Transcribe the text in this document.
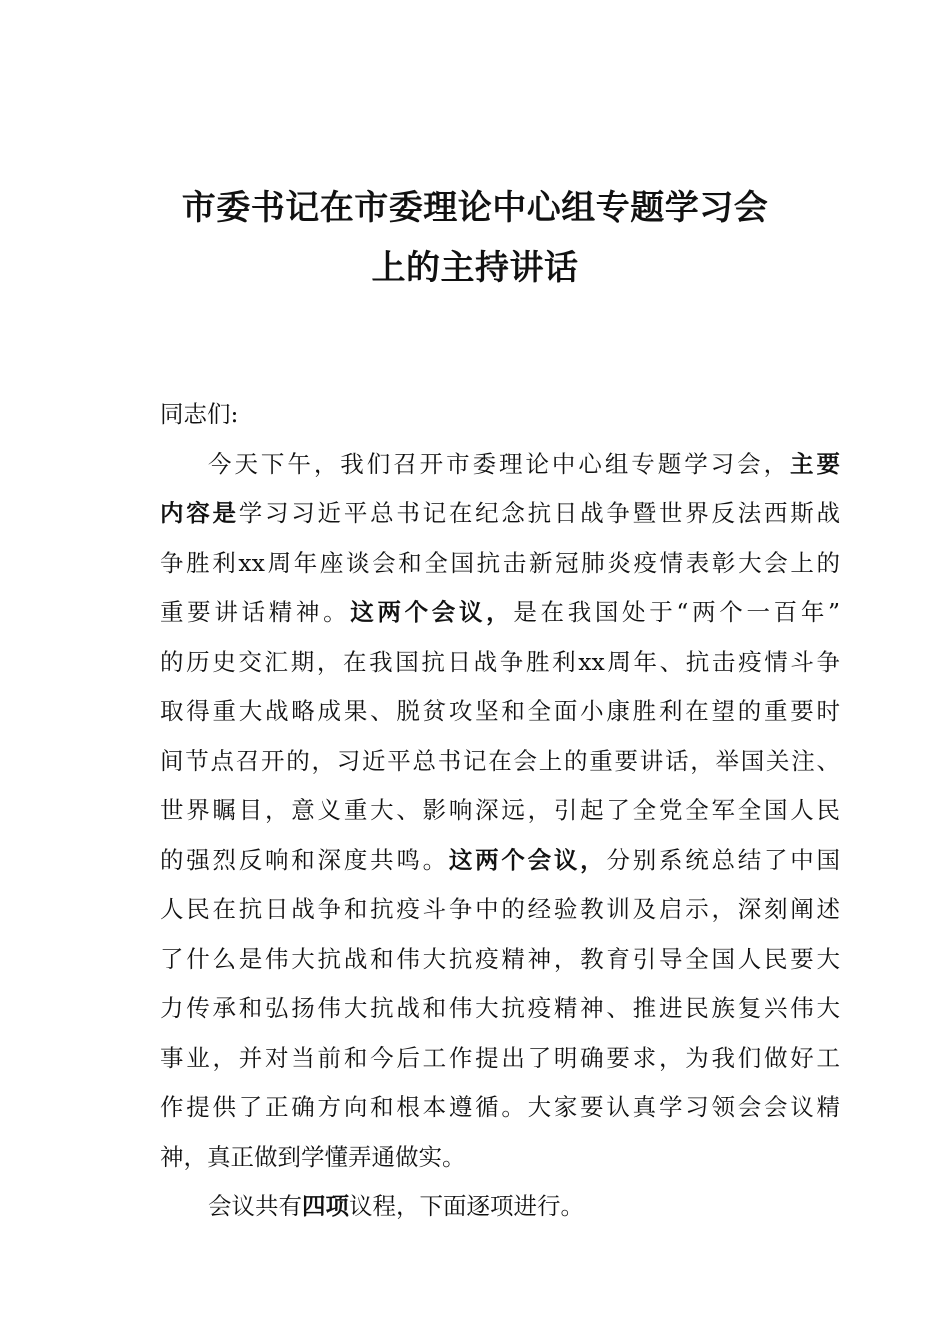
市委书记在市委理论中心组专题学习会
上的主持讲话
同志们:
今天下午，我们召开市委理论中心组专题学习会，主要
内容是学习习近平总书记在纪念抗日战争暨世界反法西斯战
争胜利xx周年座谈会和全国抗击新冠肺炎疫情表彰大会上的
重要讲话精神。这两个会议，是在我国处于“两个一百年”
的历史交汇期，在我国抗日战争胜利xx周年、抗击疫情斗争
取得重大战略成果、脱贫攻坚和全面小康胜利在望的重要时
间节点召开的，习近平总书记在会上的重要讲话，举国关注、
世界瞩目，意义重大、影响深远，引起了全党全军全国人民
的强烈反响和深度共鸣。这两个会议，分别系统总结了中国
人民在抗日战争和抗疫斗争中的经验教训及启示，深刻阐述
了什么是伟大抗战和伟大抗疫精神，教育引导全国人民要大
力传承和弘扬伟大抗战和伟大抗疫精神、推进民族复兴伟大
事业，并对当前和今后工作提出了明确要求，为我们做好工
作提供了正确方向和根本遵循。大家要认真学习领会会议精
神，真正做到学懂弄通做实。
会议共有四项议程，下面逐项进行。
